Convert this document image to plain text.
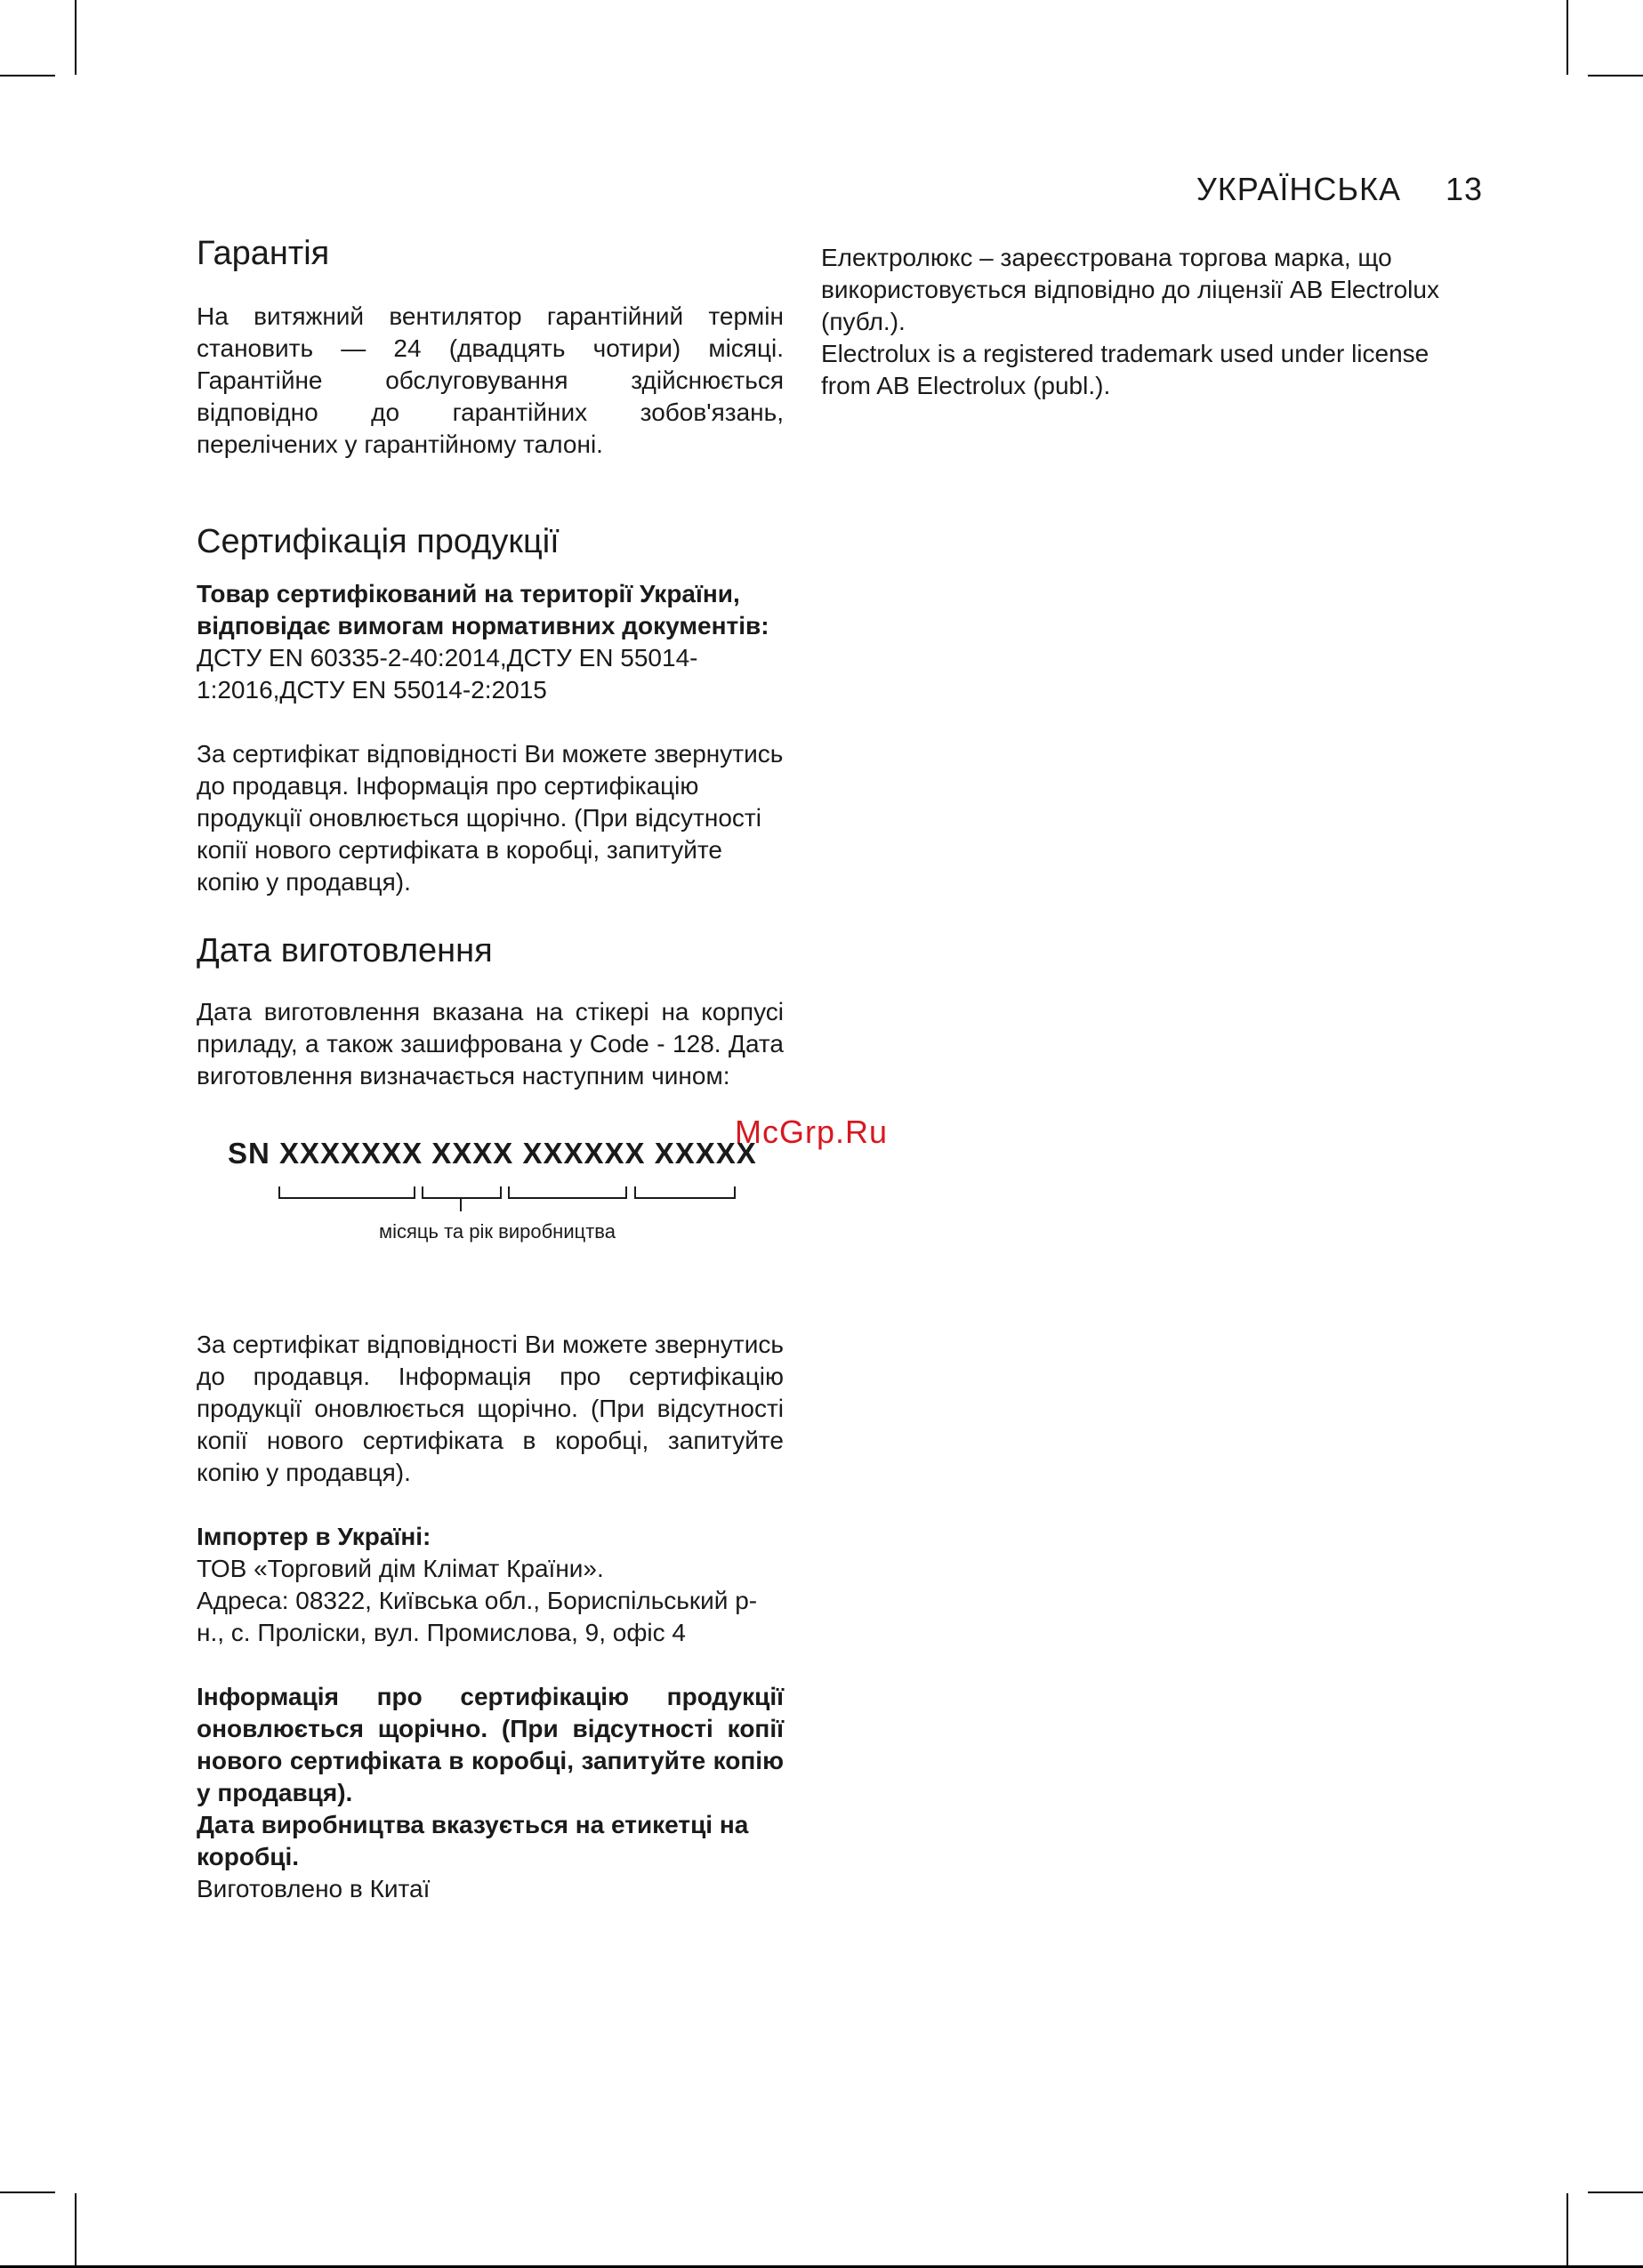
УКРАЇНСЬКА 13
Гарантія

На витяжний вентилятор гарантійний термін становить — 24 (двадцять чотири) місяці. Гарантійне обслуговування здійснюється відповідно до гарантійних зобов'язань, перелічених у гарантійному талоні.

Сертифікація продукції

Товар сертифікований на території України, відповідає вимогам нормативних документів:

ДСТУ EN 60335-2-40:2014,ДСТУ EN 55014-1:2016,ДСТУ EN 55014-2:2015

За сертифікат відповідності Ви можете звернутись до продавця. Інформація про сертифікацію продукції оновлюється щорічно. (При відсутності копії нового сертифіката в коробці, запитуйте копію у продавця).

Дата виготовлення

Дата виготовлення вказана на стікері на корпусі приладу, а також зашифрована у Code - 128. Дата виготовлення визначається наступним чином:

SN XXXXXXX XXXX XXXXXX XXXXX
місяць та рік виробництва

За сертифікат відповідності Ви можете звернутись до продавця. Інформація про сертифікацію продукції оновлюється щорічно. (При відсутності копії нового сертифіката в коробці, запитуйте копію у продавця).

Імпортер в Україні:

ТОВ «Торговий дім Клімат Країни».

Адреса: 08322, Київська обл., Бориспільський р-н., с. Пролiски, вул. Промислова, 9, офіс 4

Інформація про сертифікацію продукції оновлюється щорічно. (При відсутності копії нового сертифіката в коробці, запитуйте копію у продавця).

Дата виробництва вказується на етикетці на коробці.

Виготовлено в Китаї

Електролюкс – зареєстрована торгова марка, що використовується відповідно до ліцензії AB Electrolux (публ.).

Electrolux is a registered trademark used under license from AB Electrolux (publ.).

McGrp.Ru
